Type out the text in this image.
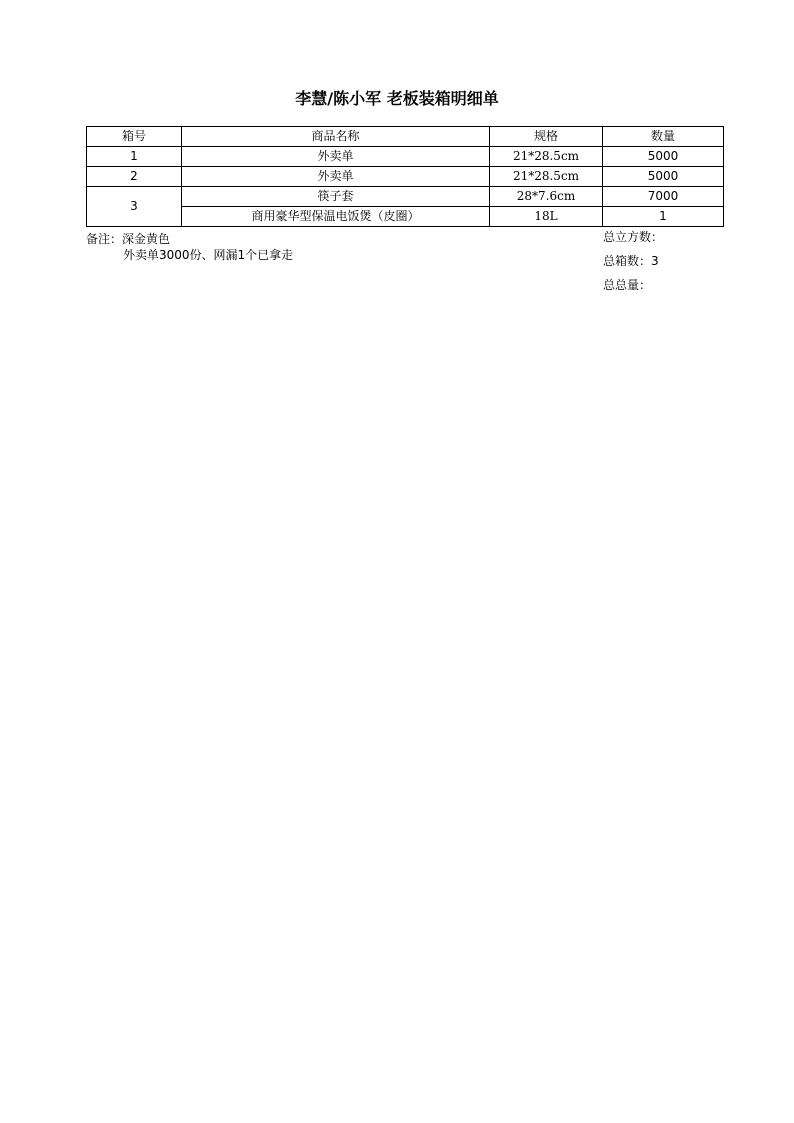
李慧/陈小军 老板装箱明细单
箱号	商品名称	规格	数量
1	外卖单	21*28.5cm	5000
2	外卖单	21*28.5cm	5000
3	筷子套	28*7.6cm	7000
	商用豪华型保温电饭煲（皮圈）	18L	1
备注： 深金黄色
外卖单3000份、网漏1个已拿走
总立方数：
总箱数：3
总总量：
